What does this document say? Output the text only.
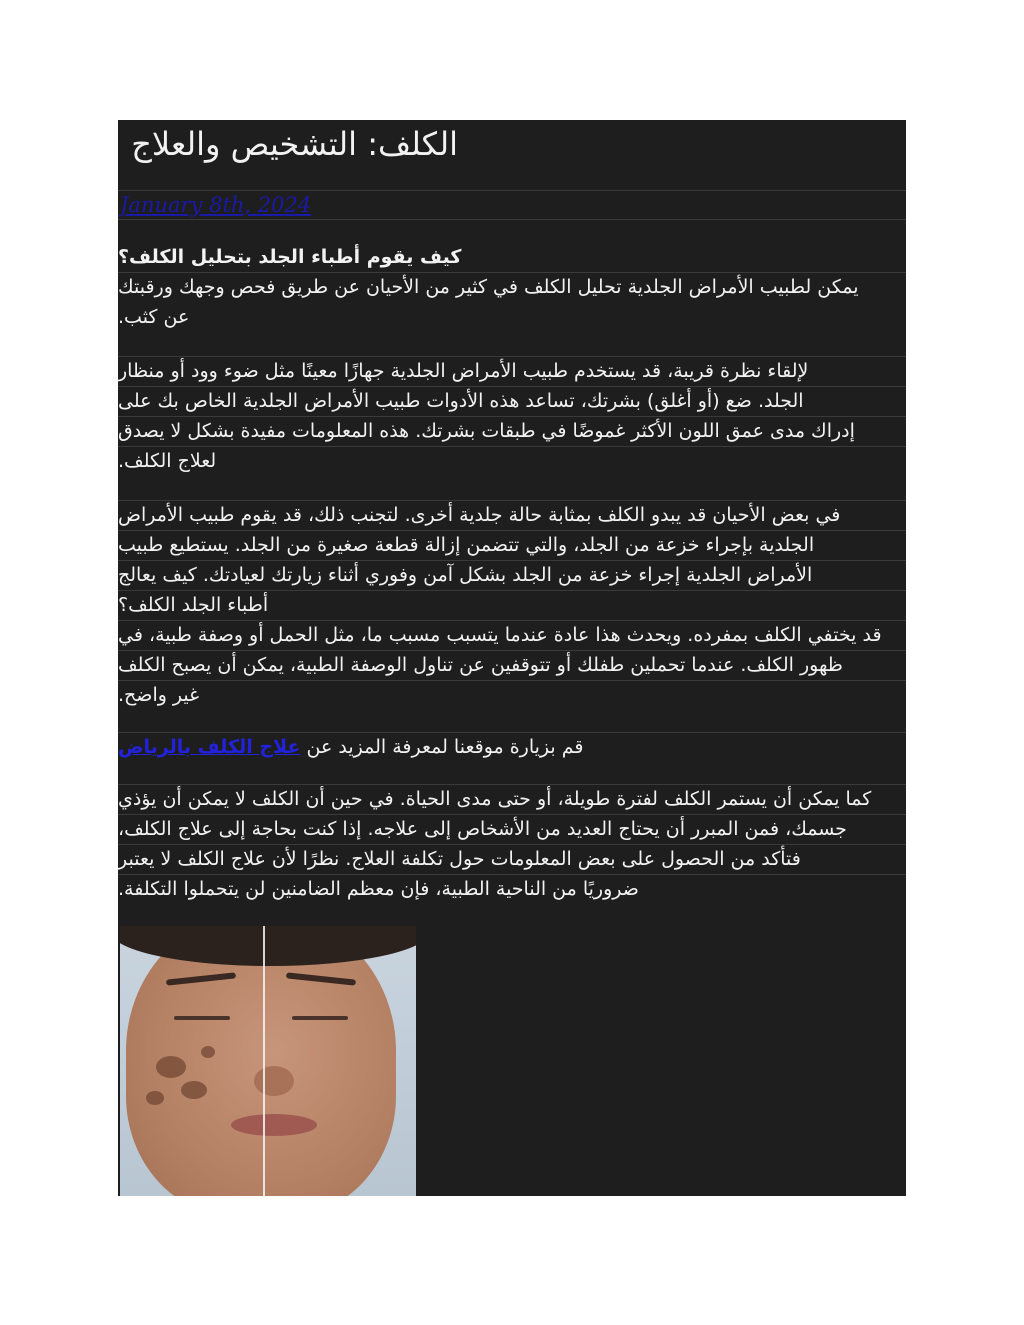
الكلف: التشخيص والعلاج
January 8th, 2024
كيف يقوم أطباء الجلد بتحليل الكلف؟
يمكن لطبيب الأمراض الجلدية تحليل الكلف في كثير من الأحيان عن طريق فحص وجهك ورقبتك
عن كثب.
لإلقاء نظرة قريبة، قد يستخدم طبيب الأمراض الجلدية جهازًا معينًا مثل ضوء وود أو منظار
الجلد. ضع (أو أغلق) بشرتك، تساعد هذه الأدوات طبيب الأمراض الجلدية الخاص بك على
إدراك مدى عمق اللون الأكثر غموضًا في طبقات بشرتك. هذه المعلومات مفيدة بشكل لا يصدق
لعلاج الكلف.
في بعض الأحيان قد يبدو الكلف بمثابة حالة جلدية أخرى. لتجنب ذلك، قد يقوم طبيب الأمراض
الجلدية بإجراء خزعة من الجلد، والتي تتضمن إزالة قطعة صغيرة من الجلد. يستطيع طبيب
الأمراض الجلدية إجراء خزعة من الجلد بشكل آمن وفوري أثناء زيارتك لعيادتك. كيف يعالج
أطباء الجلد الكلف؟
قد يختفي الكلف بمفرده. ويحدث هذا عادة عندما يتسبب مسبب ما، مثل الحمل أو وصفة طبية، في
ظهور الكلف. عندما تحملين طفلك أو تتوقفين عن تناول الوصفة الطبية، يمكن أن يصبح الكلف
غير واضح.
قم بزيارة موقعنا لمعرفة المزيد عن علاج الكلف بالرياض
كما يمكن أن يستمر الكلف لفترة طويلة، أو حتى مدى الحياة. في حين أن الكلف لا يمكن أن يؤذي
جسمك، فمن المبرر أن يحتاج العديد من الأشخاص إلى علاجه. إذا كنت بحاجة إلى علاج الكلف،
فتأكد من الحصول على بعض المعلومات حول تكلفة العلاج. نظرًا لأن علاج الكلف لا يعتبر
ضروريًا من الناحية الطبية، فإن معظم الضامنين لن يتحملوا التكلفة.
